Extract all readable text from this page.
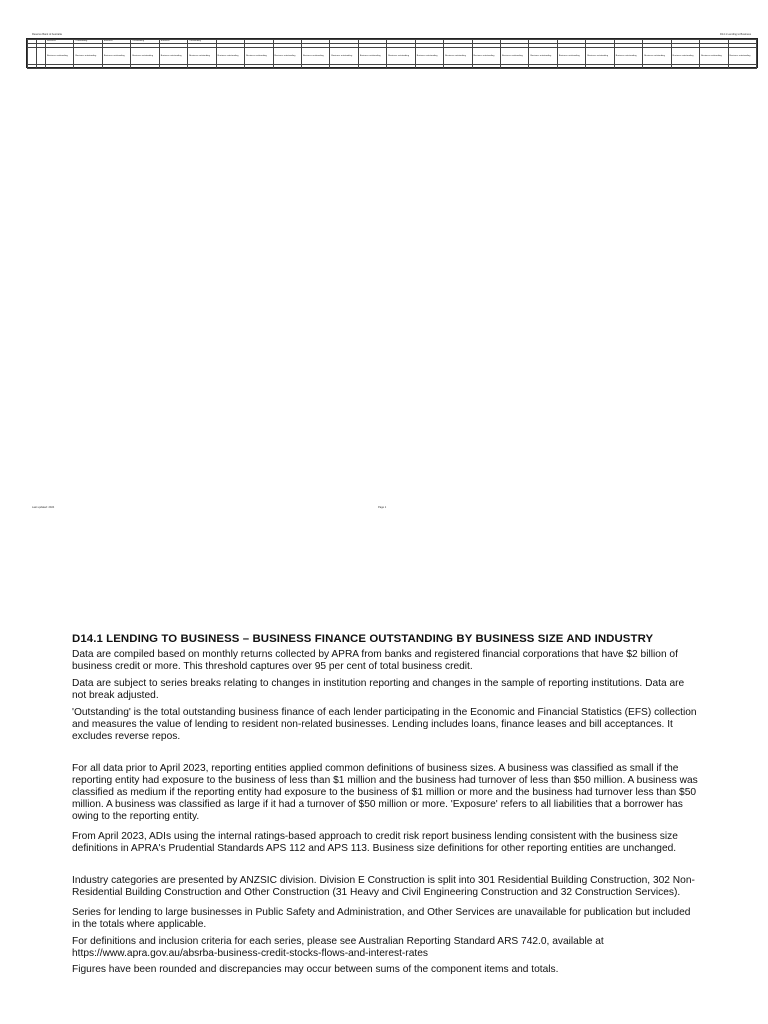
Reserve Bank of Australia	D14.1 Lending to Business
		Business	Outstanding	Business	Outstanding	Business	Outstanding																			

		Business outstanding	Business outstanding	Business outstanding	Business outstanding	Business outstanding	Business outstanding	Business outstanding	Business outstanding	Business outstanding	Business outstanding	Business outstanding	Business outstanding	Business outstanding	Business outstanding	Business outstanding	Business outstanding	Business outstanding	Business outstanding	Business outstanding	Business outstanding	Business outstanding	Business outstanding	Business outstanding	Business outstanding	Business outstanding

Last updated: 2024	Page 1
D14.1 LENDING TO BUSINESS – BUSINESS FINANCE OUTSTANDING BY BUSINESS SIZE AND INDUSTRY

Data are compiled based on monthly returns collected by APRA from banks and registered financial corporations that have $2 billion of
business credit or more. This threshold captures over 95 per cent of total business credit.

Data are subject to series breaks relating to changes in institution reporting and changes in the sample of reporting institutions. Data are
not break adjusted.

'Outstanding' is the total outstanding business finance of each lender participating in the Economic and Financial Statistics (EFS) collection
and measures the value of lending to resident non-related businesses. Lending includes loans, finance leases and bill acceptances. It
excludes reverse repos.

For all data prior to April 2023, reporting entities applied common definitions of business sizes. A business was classified as small if the
reporting entity had exposure to the business of less than $1 million and the business had turnover of less than $50 million. A business was
classified as medium if the reporting entity had exposure to the business of $1 million or more and the business had turnover less than $50
million. A business was classified as large if it had a turnover of $50 million or more. 'Exposure' refers to all liabilities that a borrower has
owing to the reporting entity.

From April 2023, ADIs using the internal ratings-based approach to credit risk report business lending consistent with the business size
definitions in APRA's Prudential Standards APS 112 and APS 113. Business size definitions for other reporting entities are unchanged.

Industry categories are presented by ANZSIC division. Division E Construction is split into 301 Residential Building Construction, 302 Non-
Residential Building Construction and Other Construction (31 Heavy and Civil Engineering Construction and 32 Construction Services).

Series for lending to large businesses in Public Safety and Administration, and Other Services are unavailable for publication but included
in the totals where applicable.

For definitions and inclusion criteria for each series, please see Australian Reporting Standard ARS 742.0, available at
https://www.apra.gov.au/absrba-business-credit-stocks-flows-and-interest-rates

Figures have been rounded and discrepancies may occur between sums of the component items and totals.
